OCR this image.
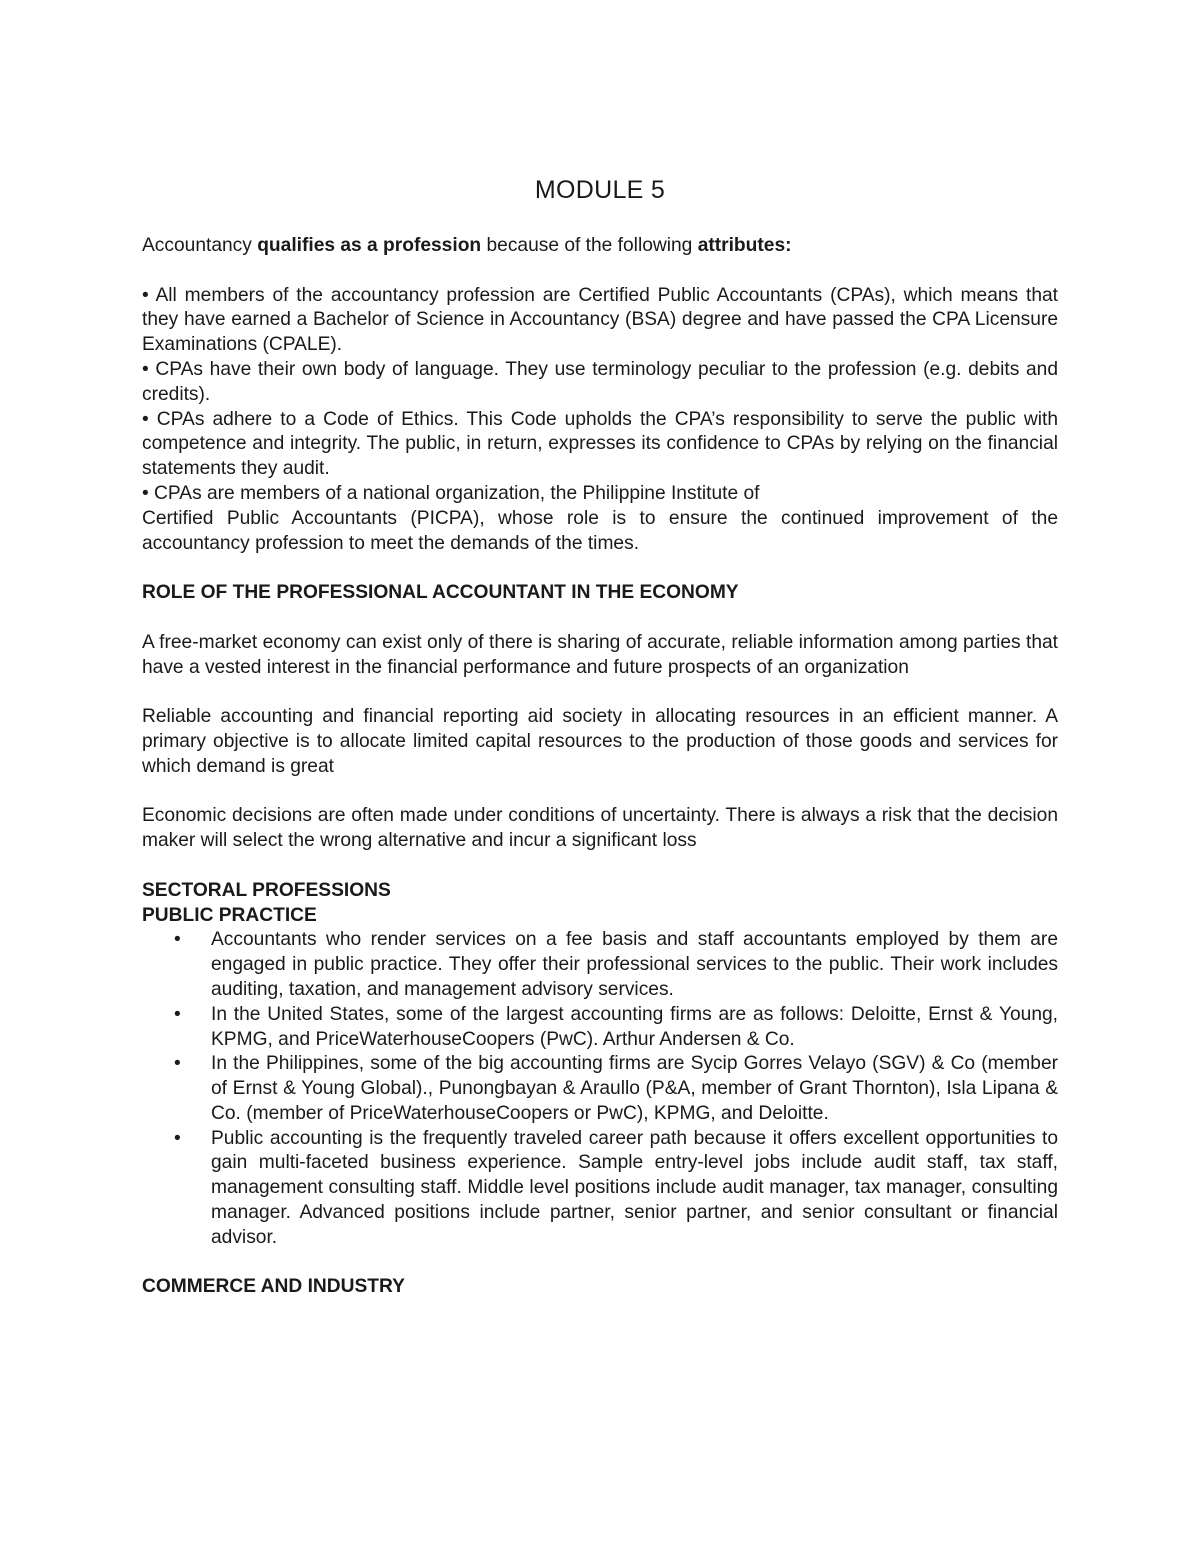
MODULE 5

Accountancy qualifies as a profession because of the following attributes:

• All members of the accountancy profession are Certified Public Accountants (CPAs), which means that they have earned a Bachelor of Science in Accountancy (BSA) degree and have passed the CPA Licensure Examinations (CPALE).

• CPAs have their own body of language. They use terminology peculiar to the profession (e.g. debits and credits).

• CPAs adhere to a Code of Ethics. This Code upholds the CPA’s responsibility to serve the public with competence and integrity. The public, in return, expresses its confidence to CPAs by relying on the financial statements they audit.

• CPAs are members of a national organization, the Philippine Institute of

Certified Public Accountants (PICPA), whose role is to ensure the continued improvement of the accountancy profession to meet the demands of the times.

ROLE OF THE PROFESSIONAL ACCOUNTANT IN THE ECONOMY

A free-market economy can exist only of there is sharing of accurate, reliable information among parties that have a vested interest in the financial performance and future prospects of an organization

Reliable accounting and financial reporting aid society in allocating resources in an efficient manner. A primary objective is to allocate limited capital resources to the production of those goods and services for which demand is great

Economic decisions are often made under conditions of uncertainty. There is always a risk that the decision maker will select the wrong alternative and incur a significant loss

SECTORAL PROFESSIONS

PUBLIC PRACTICE

• Accountants who render services on a fee basis and staff accountants employed by them are engaged in public practice. They offer their professional services to the public. Their work includes auditing, taxation, and management advisory services.
• In the United States, some of the largest accounting firms are as follows: Deloitte, Ernst & Young, KPMG, and PriceWaterhouseCoopers (PwC). Arthur Andersen & Co.
• In the Philippines, some of the big accounting firms are Sycip Gorres Velayo (SGV) & Co (member of Ernst & Young Global)., Punongbayan & Araullo (P&A, member of Grant Thornton), Isla Lipana & Co. (member of PriceWaterhouseCoopers or PwC), KPMG, and Deloitte.
• Public accounting is the frequently traveled career path because it offers excellent opportunities to gain multi-faceted business experience. Sample entry-level jobs include audit staff, tax staff, management consulting staff. Middle level positions include audit manager, tax manager, consulting manager. Advanced positions include partner, senior partner, and senior consultant or financial advisor.

COMMERCE AND INDUSTRY
